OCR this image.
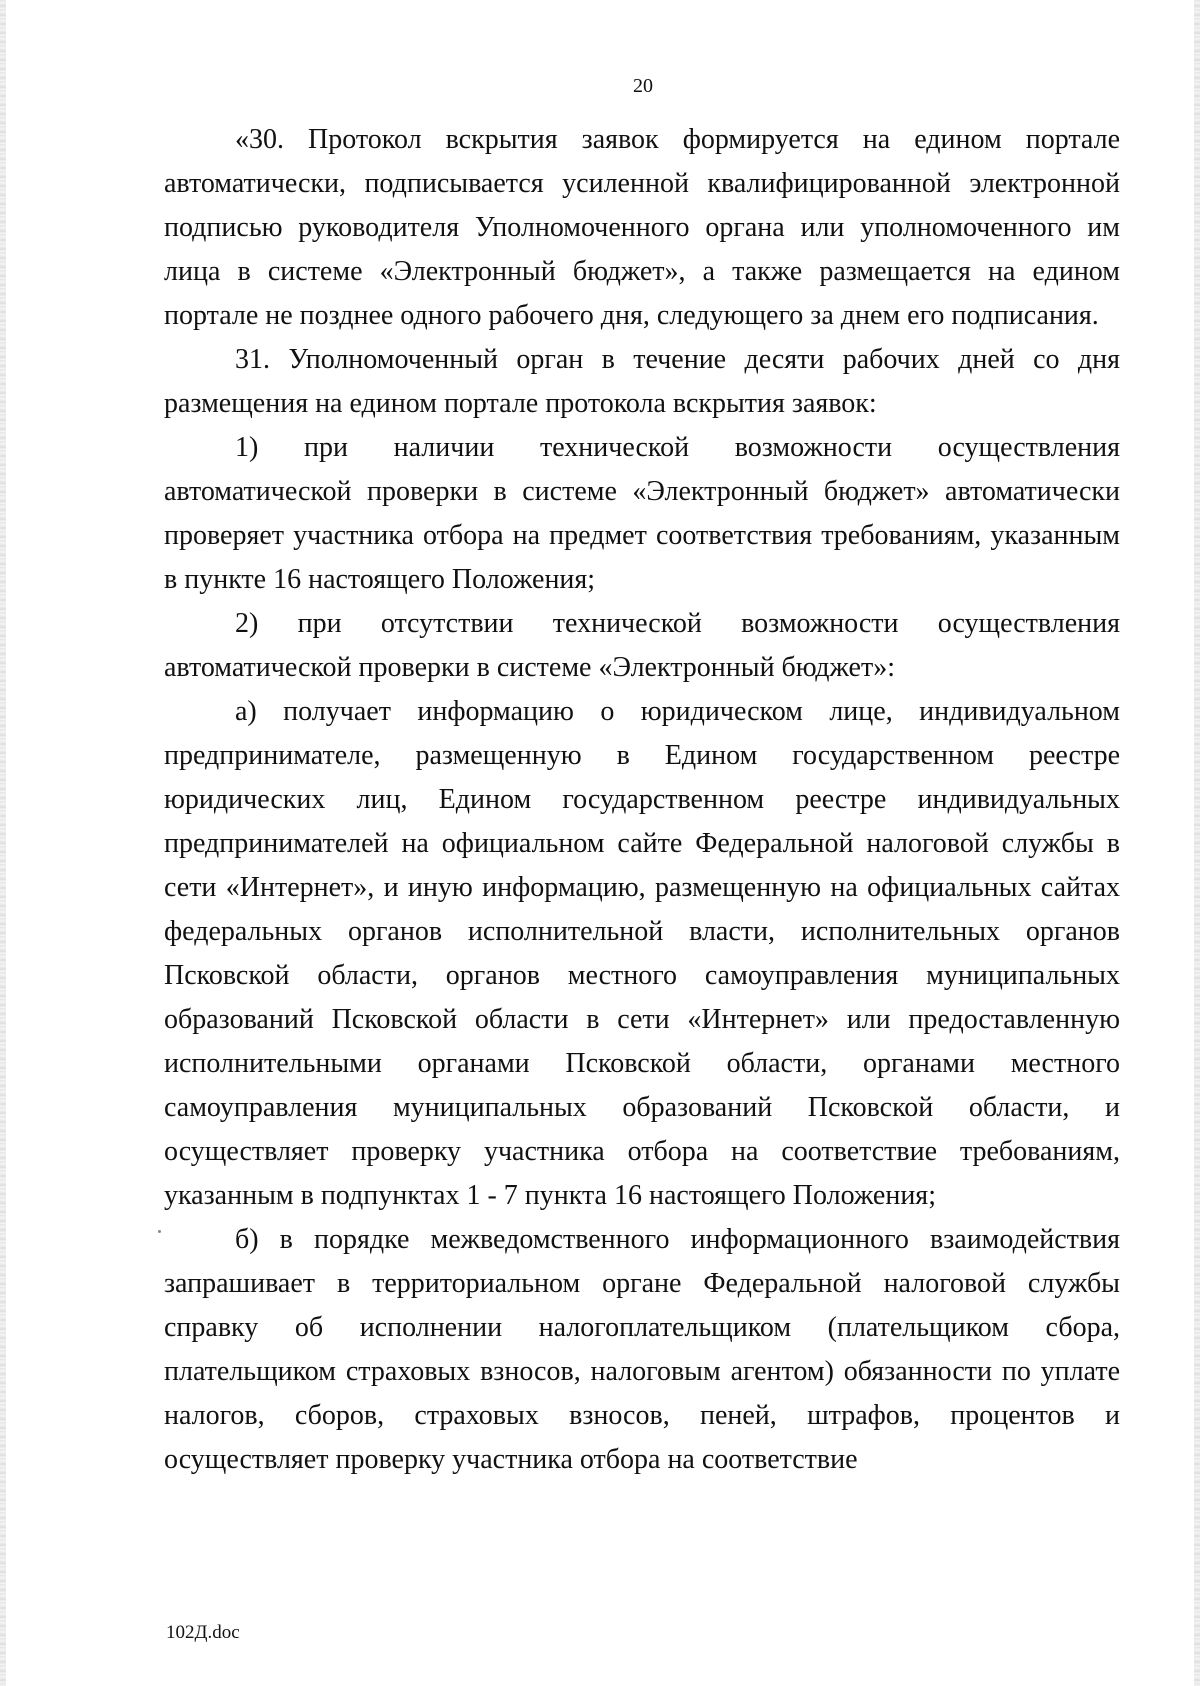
20

«30. Протокол вскрытия заявок формируется на едином портале автоматически, подписывается усиленной квалифицированной электронной подписью руководителя Уполномоченного органа или уполномоченного им лица в системе «Электронный бюджет», а также размещается на едином портале не позднее одного рабочего дня, следующего за днем его подписания.

31. Уполномоченный орган в течение десяти рабочих дней со дня размещения на едином портале протокола вскрытия заявок:

1) при наличии технической возможности осуществления автоматической проверки в системе «Электронный бюджет» автоматически проверяет участника отбора на предмет соответствия требованиям, указанным в пункте 16 настоящего Положения;

2) при отсутствии технической возможности осуществления автоматической проверки в системе «Электронный бюджет»:

а) получает информацию о юридическом лице, индивидуальном предпринимателе, размещенную в Едином государственном реестре юридических лиц, Едином государственном реестре индивидуальных предпринимателей на официальном сайте Федеральной налоговой службы в сети «Интернет», и иную информацию, размещенную на официальных сайтах федеральных органов исполнительной власти, исполнительных органов Псковской области, органов местного самоуправления муниципальных образований Псковской области в сети «Интернет» или предоставленную исполнительными органами Псковской области, органами местного самоуправления муниципальных образований Псковской области, и осуществляет проверку участника отбора на соответствие требованиям, указанным в подпунктах 1 - 7 пункта 16 настоящего Положения;

б) в порядке межведомственного информационного взаимодействия запрашивает в территориальном органе Федеральной налоговой службы справку об исполнении налогоплательщиком (плательщиком сбора, плательщиком страховых взносов, налоговым агентом) обязанности по уплате налогов, сборов, страховых взносов, пеней, штрафов, процентов и осуществляет проверку участника отбора на соответствие

102Д.doc
